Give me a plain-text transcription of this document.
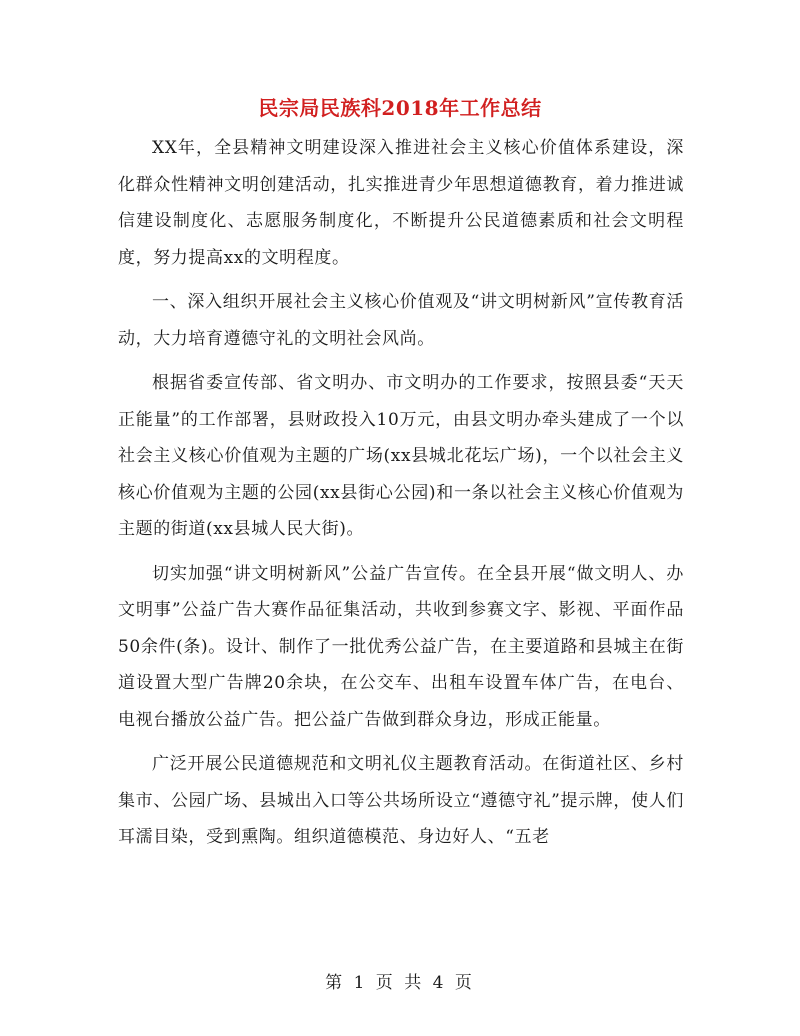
民宗局民族科2018年工作总结

XX年，全县精神文明建设深入推进社会主义核心价值体系建设，深化群众性精神文明创建活动，扎实推进青少年思想道德教育，着力推进诚信建设制度化、志愿服务制度化，不断提升公民道德素质和社会文明程度，努力提高xx的文明程度。

一、深入组织开展社会主义核心价值观及“讲文明树新风”宣传教育活动，大力培育遵德守礼的文明社会风尚。

根据省委宣传部、省文明办、市文明办的工作要求，按照县委“天天正能量”的工作部署，县财政投入10万元，由县文明办牵头建成了一个以社会主义核心价值观为主题的广场(xx县城北花坛广场)，一个以社会主义核心价值观为主题的公园(xx县街心公园)和一条以社会主义核心价值观为主题的街道(xx县城人民大街)。

切实加强“讲文明树新风”公益广告宣传。在全县开展“做文明人、办文明事”公益广告大赛作品征集活动，共收到参赛文字、影视、平面作品50余件(条)。设计、制作了一批优秀公益广告，在主要道路和县城主在街道设置大型广告牌20余块，在公交车、出租车设置车体广告，在电台、电视台播放公益广告。把公益广告做到群众身边，形成正能量。

广泛开展公民道德规范和文明礼仪主题教育活动。在街道社区、乡村集市、公园广场、县城出入口等公共场所设立“遵德守礼”提示牌，使人们耳濡目染，受到熏陶。组织道德模范、身边好人、“五老

第 1 页 共 4 页
